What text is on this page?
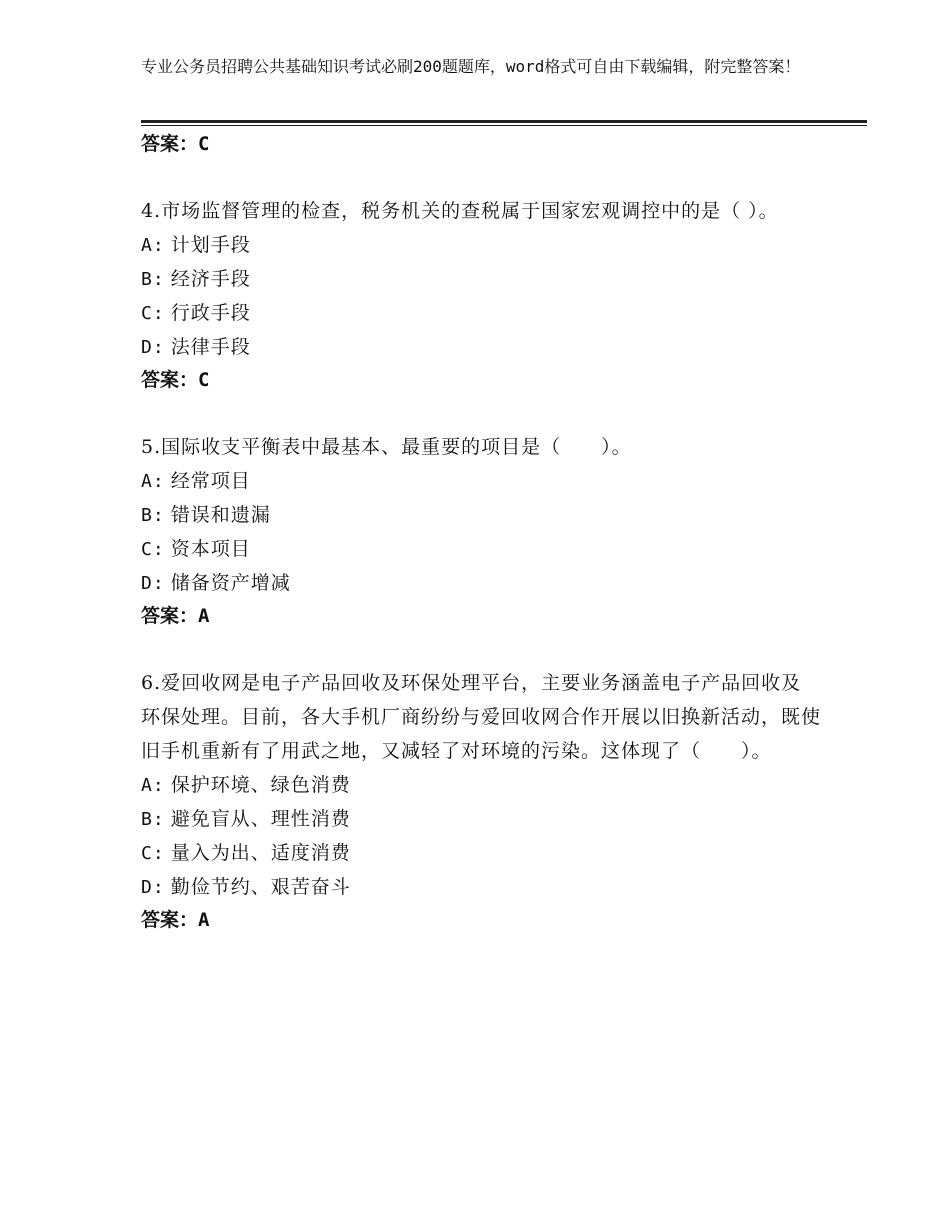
专业公务员招聘公共基础知识考试必刷200题题库，word格式可自由下载编辑，附完整答案！
答案：C
4.市场监督管理的检查，税务机关的查税属于国家宏观调控中的是（ ）。
A: 计划手段
B: 经济手段
C: 行政手段
D: 法律手段
答案：C
5.国际收支平衡表中最基本、最重要的项目是（　　）。
A: 经常项目
B: 错误和遗漏
C: 资本项目
D: 储备资产增减
答案：A
6.爱回收网是电子产品回收及环保处理平台，主要业务涵盖电子产品回收及环保处理。目前，各大手机厂商纷纷与爱回收网合作开展以旧换新活动，既使旧手机重新有了用武之地，又减轻了对环境的污染。这体现了（　　）。
A: 保护环境、绿色消费
B: 避免盲从、理性消费
C: 量入为出、适度消费
D: 勤俭节约、艰苦奋斗
答案：A
